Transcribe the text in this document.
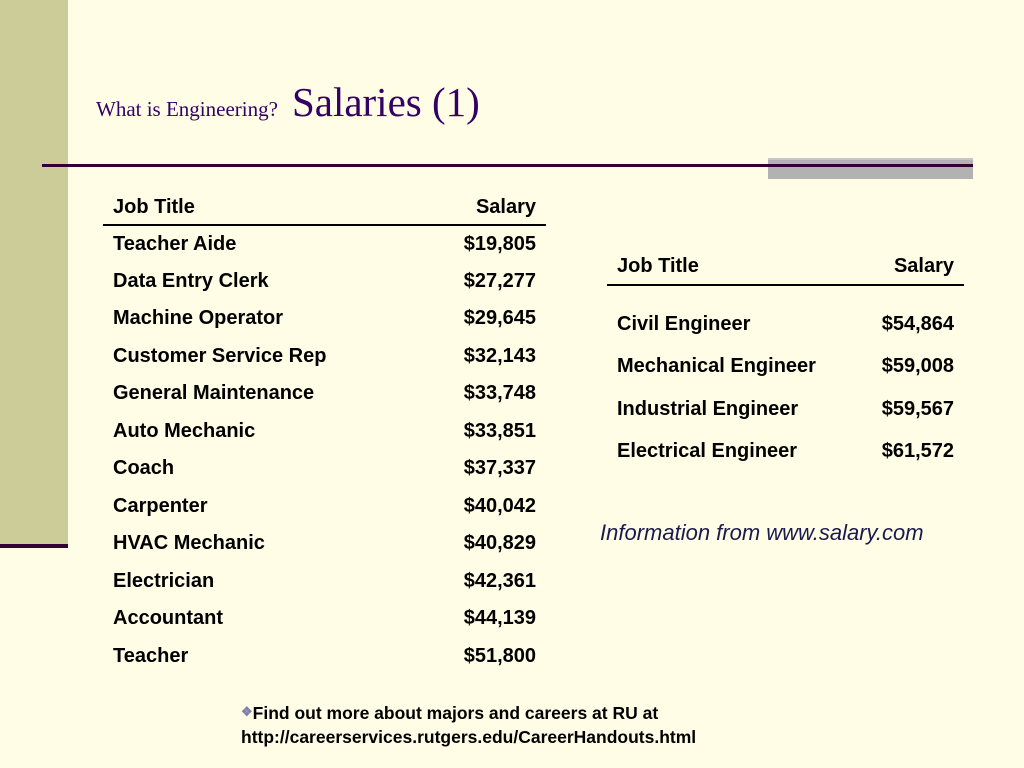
What is Engineering? Salaries (1)
Job Title	Salary
Teacher Aide	$19,805
Data Entry Clerk	$27,277
Machine Operator	$29,645
Customer Service Rep	$32,143
General Maintenance	$33,748
Auto Mechanic	$33,851
Coach	$37,337
Carpenter	$40,042
HVAC Mechanic	$40,829
Electrician	$42,361
Accountant	$44,139
Teacher	$51,800
Job Title	Salary

Civil Engineer	$54,864
Mechanical Engineer	$59,008
Industrial Engineer	$59,567
Electrical Engineer	$61,572
Information from www.salary.com
❖Find out more about majors and careers at RU at
http://careerservices.rutgers.edu/CareerHandouts.html
